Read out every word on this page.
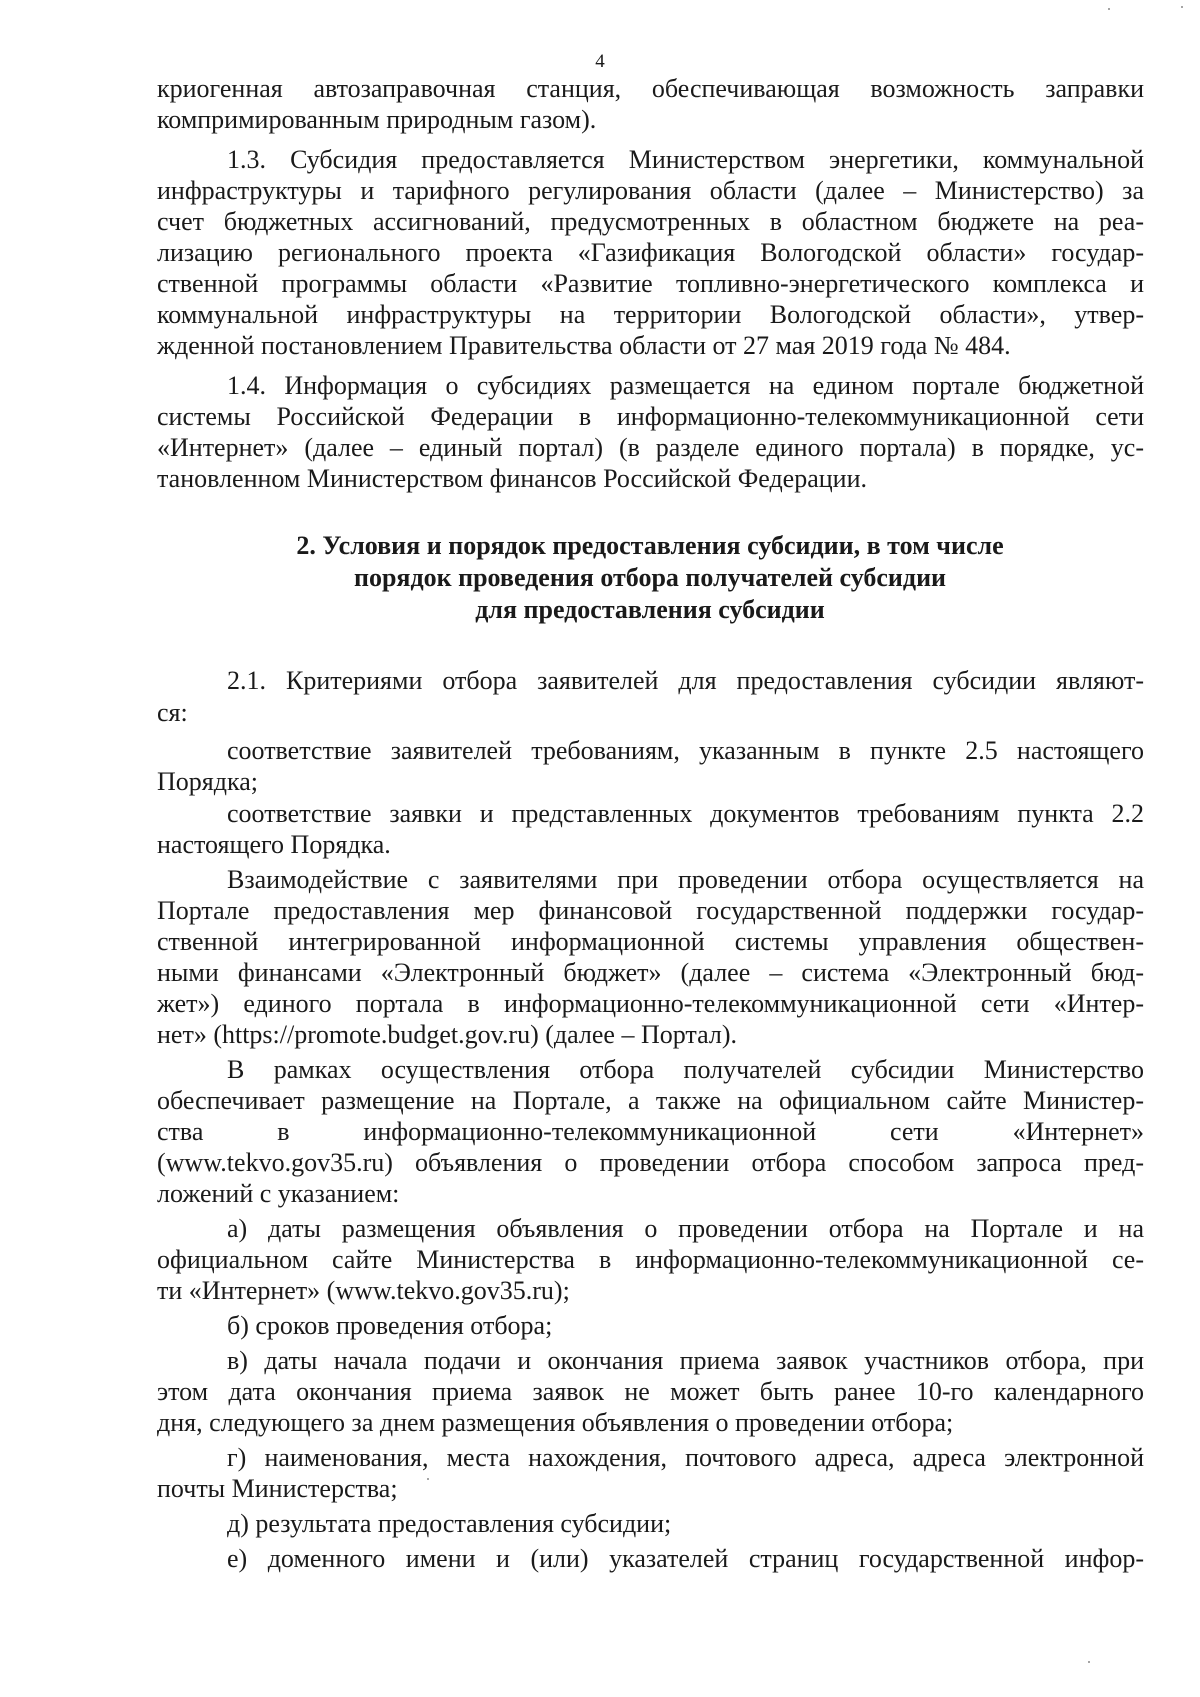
4
криогенная автозаправочная станция, обеспечивающая возможность заправки
компримированным природным газом).
1.3. Субсидия предоставляется Министерством энергетики, коммунальной
инфраструктуры и тарифного регулирования области (далее – Министерство) за
счет бюджетных ассигнований, предусмотренных в областном бюджете на реа-
лизацию регионального проекта «Газификация Вологодской области» государ-
ственной программы области «Развитие топливно-энергетического комплекса и
коммунальной инфраструктуры на территории Вологодской области», утвер-
жденной постановлением Правительства области от 27 мая 2019 года № 484.
1.4. Информация о субсидиях размещается на едином портале бюджетной
системы Российской Федерации в информационно-телекоммуникационной сети
«Интернет» (далее – единый портал) (в разделе единого портала) в порядке, ус-
тановленном Министерством финансов Российской Федерации.
2. Условия и порядок предоставления субсидии, в том числе
порядок проведения отбора получателей субсидии
для предоставления субсидии
2.1. Критериями отбора заявителей для предоставления субсидии являют-
ся:
соответствие заявителей требованиям, указанным в пункте 2.5 настоящего
Порядка;
соответствие заявки и представленных документов требованиям пункта 2.2
настоящего Порядка.
Взаимодействие с заявителями при проведении отбора осуществляется на
Портале предоставления мер финансовой государственной поддержки государ-
ственной интегрированной информационной системы управления обществен-
ными финансами «Электронный бюджет» (далее – система «Электронный бюд-
жет») единого портала в информационно-телекоммуникационной сети «Интер-
нет» (https://promote.budget.gov.ru) (далее – Портал).
В рамках осуществления отбора получателей субсидии Министерство
обеспечивает размещение на Портале, а также на официальном сайте Министер-
ства в информационно-телекоммуникационной сети «Интернет»
(www.tekvo.gov35.ru) объявления о проведении отбора способом запроса пред-
ложений с указанием:
а) даты размещения объявления о проведении отбора на Портале и на
официальном сайте Министерства в информационно-телекоммуникационной се-
ти «Интернет» (www.tekvo.gov35.ru);
б) сроков проведения отбора;
в) даты начала подачи и окончания приема заявок участников отбора, при
этом дата окончания приема заявок не может быть ранее 10-го календарного
дня, следующего за днем размещения объявления о проведении отбора;
г) наименования, места нахождения, почтового адреса, адреса электронной
почты Министерства;
д) результата предоставления субсидии;
е) доменного имени и (или) указателей страниц государственной инфор-
